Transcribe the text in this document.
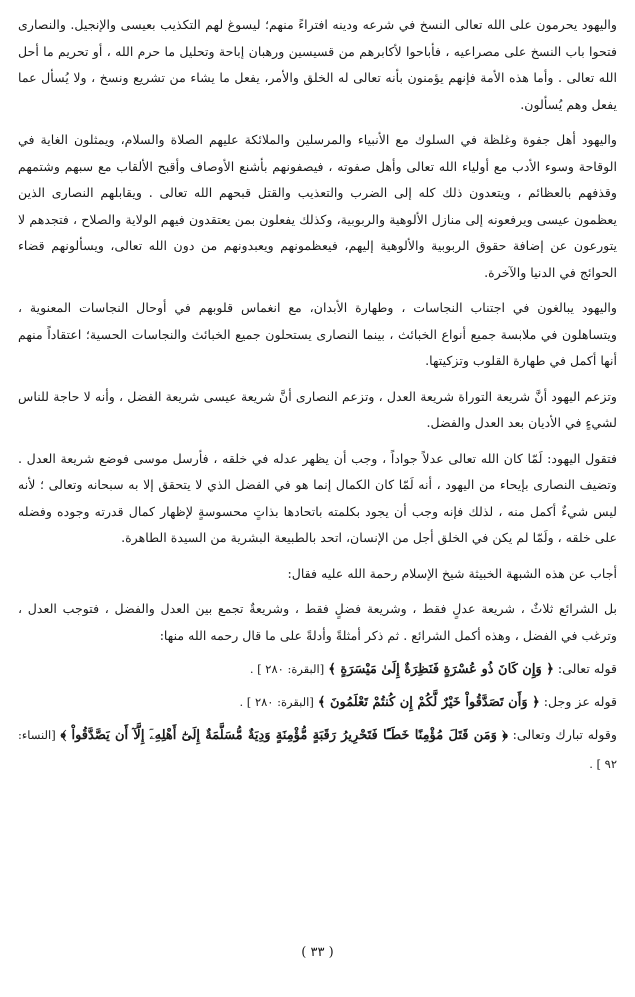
واليهود يحرمون على الله تعالى النسخ في شرعه ودينه افتراءً منهم؛ ليسوغ لهم التكذيب بعيسى والإنجيل. والنصارى فتحوا باب النسخ على مصراعيه ، فأباحوا لأكابرهم من قسيسين ورهبان إباحة وتحليل ما حرم الله ، أو تحريم ما أحل الله تعالى . وأما هذه الأمة فإنهم يؤمنون بأنه تعالى له الخلق والأمر، يفعل ما يشاء من تشريع ونسخ ، ولا يُسأل عما يفعل وهم يُسألون.

واليهود أهل جفوة وغلظة في السلوك مع الأنبياء والمرسلين والملائكة عليهم الصلاة والسلام، ويمثلون الغاية في الوقاحة وسوء الأدب مع أولياء الله تعالى وأهل صفوته ، فيصفونهم بأشنع الأوصاف وأقبح الألقاب مع سبهم وشتمهم وقذفهم بالعظائم ، ويتعدون ذلك كله إلى الضرب والتعذيب والقتل قبحهم الله تعالى . ويقابلهم النصارى الذين يعظمون عيسى ويرفعونه إلى منازل الألوهية والربوبية، وكذلك يفعلون بمن يعتقدون فيهم الولاية والصلاح ، فتجدهم لا يتورعون عن إضافة حقوق الربوبية والألوهية إليهم، فيعظمونهم ويعبدونهم من دون الله تعالى، ويسألونهم قضاء الحوائج في الدنيا والآخرة.

واليهود يبالغون في اجتناب النجاسات ، وطهارة الأبدان، مع انغماس قلوبهم في أوحال النجاسات المعنوية ، ويتساهلون في ملابسة جميع أنواع الخبائث ، بينما النصارى يستحلون جميع الخبائث والنجاسات الحسية؛ اعتقاداً منهم أنها أكمل في طهارة القلوب وتزكيتها.

وتزعم اليهود أنَّ شريعة التوراة شريعة العدل ، وتزعم النصارى أنَّ شريعة عيسى شريعة الفضل ، وأنه لا حاجة للناس لشيءٍ في الأديان بعد العدل والفضل.

فتقول اليهود: لَمّا كان الله تعالى عدلاً جواداً ، وجب أن يظهر عدله في خلقه ، فأرسل موسى فوضع شريعة العدل . وتضيف النصارى بإيحاء من اليهود ، أنه لَمّا كان الكمال إنما هو في الفضل الذي لا يتحقق إلا به سبحانه وتعالى ؛ لأنه ليس شيءٌ أكمل منه ، لذلك فإنه وجب أن يجود بكلمته باتحادها بذاتٍ محسوسةٍ لإظهار كمال قدرته وجوده وفضله على خلقه ، ولَمّا لم يكن في الخلق أجل من الإنسان، اتحد بالطبيعة البشرية من السيدة الطاهرة.

أجاب عن هذه الشبهة الخبيثة شيخ الإسلام رحمة الله عليه فقال:

بل الشرائع ثلاثٌ ، شريعة عدلٍ فقط ، وشريعة فضلٍ فقط ، وشريعةٌ تجمع بين العدل والفضل ، فتوجب العدل ، وترغب في الفضل ، وهذه أكمل الشرائع . ثم ذكر أمثلةً وأدلةً على ما قال رحمه الله منها:

قوله تعالى: ﴿ وَإِن كَانَ ذُو عُسْرَةٍ فَنَظِرَةٌ إِلَىٰ مَيْسَرَةٍ ﴾ [البقرة: ٢٨٠ ] .

قوله عز وجل: ﴿ وَأَن تَصَدَّقُواْ خَيْرٌ لَّكُمْ إِن كُنتُمْ تَعْلَمُونَ ﴾ [البقرة: ٢٨٠ ] .

وقوله تبارك وتعالى: ﴿ وَمَن قَتَلَ مُؤْمِنًا خَطَـًٔا فَتَحْرِيرُ رَقَبَةٍ مُّؤْمِنَةٍ وَدِيَةٌ مُّسَلَّمَةٌ إِلَىٰٓ أَهْلِهِۦٓ إِلَّآ أَن يَصَّدَّقُواْ ﴾ [النساء: ٩٢ ] .

( ٣٣ )
